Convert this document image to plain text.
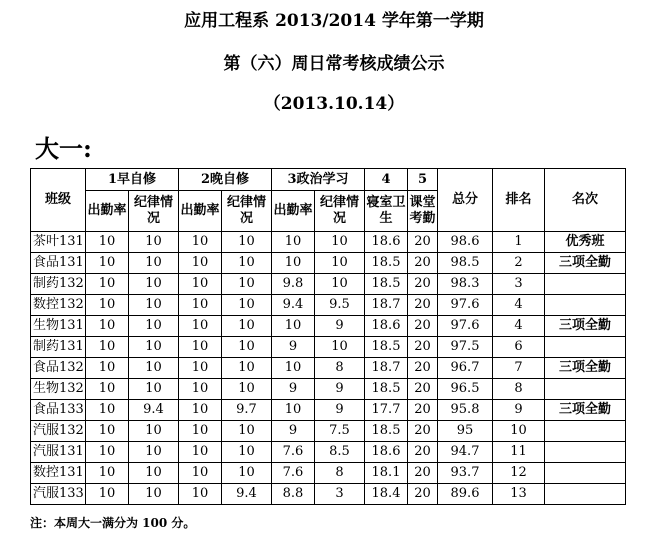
应用工程系 2013/2014 学年第一学期
第（六）周日常考核成绩公示
（2013.10.14）
大一:
班级	1早自修		2晚自修		3政治学习		4	5	总分	排名	名次
	出勤率	纪律情况	出勤率	纪律情况	出勤率	纪律情况	寝室卫生	课堂考勤			
茶叶131	10	10	10	10	10	10	18.6	20	98.6	1	优秀班
食品131	10	10	10	10	10	10	18.5	20	98.5	2	三项全勤
制药132	10	10	10	10	9.8	10	18.5	20	98.3	3	
数控132	10	10	10	10	9.4	9.5	18.7	20	97.6	4	
生物131	10	10	10	10	10	9	18.6	20	97.6	4	三项全勤
制药131	10	10	10	10	9	10	18.5	20	97.5	6	
食品132	10	10	10	10	10	8	18.7	20	96.7	7	三项全勤
生物132	10	10	10	10	9	9	18.5	20	96.5	8	
食品133	10	9.4	10	9.7	10	9	17.7	20	95.8	9	三项全勤
汽服132	10	10	10	10	9	7.5	18.5	20	95	10	
汽服131	10	10	10	10	7.6	8.5	18.6	20	94.7	11	
数控131	10	10	10	10	7.6	8	18.1	20	93.7	12	
汽服133	10	10	10	9.4	8.8	3	18.4	20	89.6	13	
注：本周大一满分为 100 分。
